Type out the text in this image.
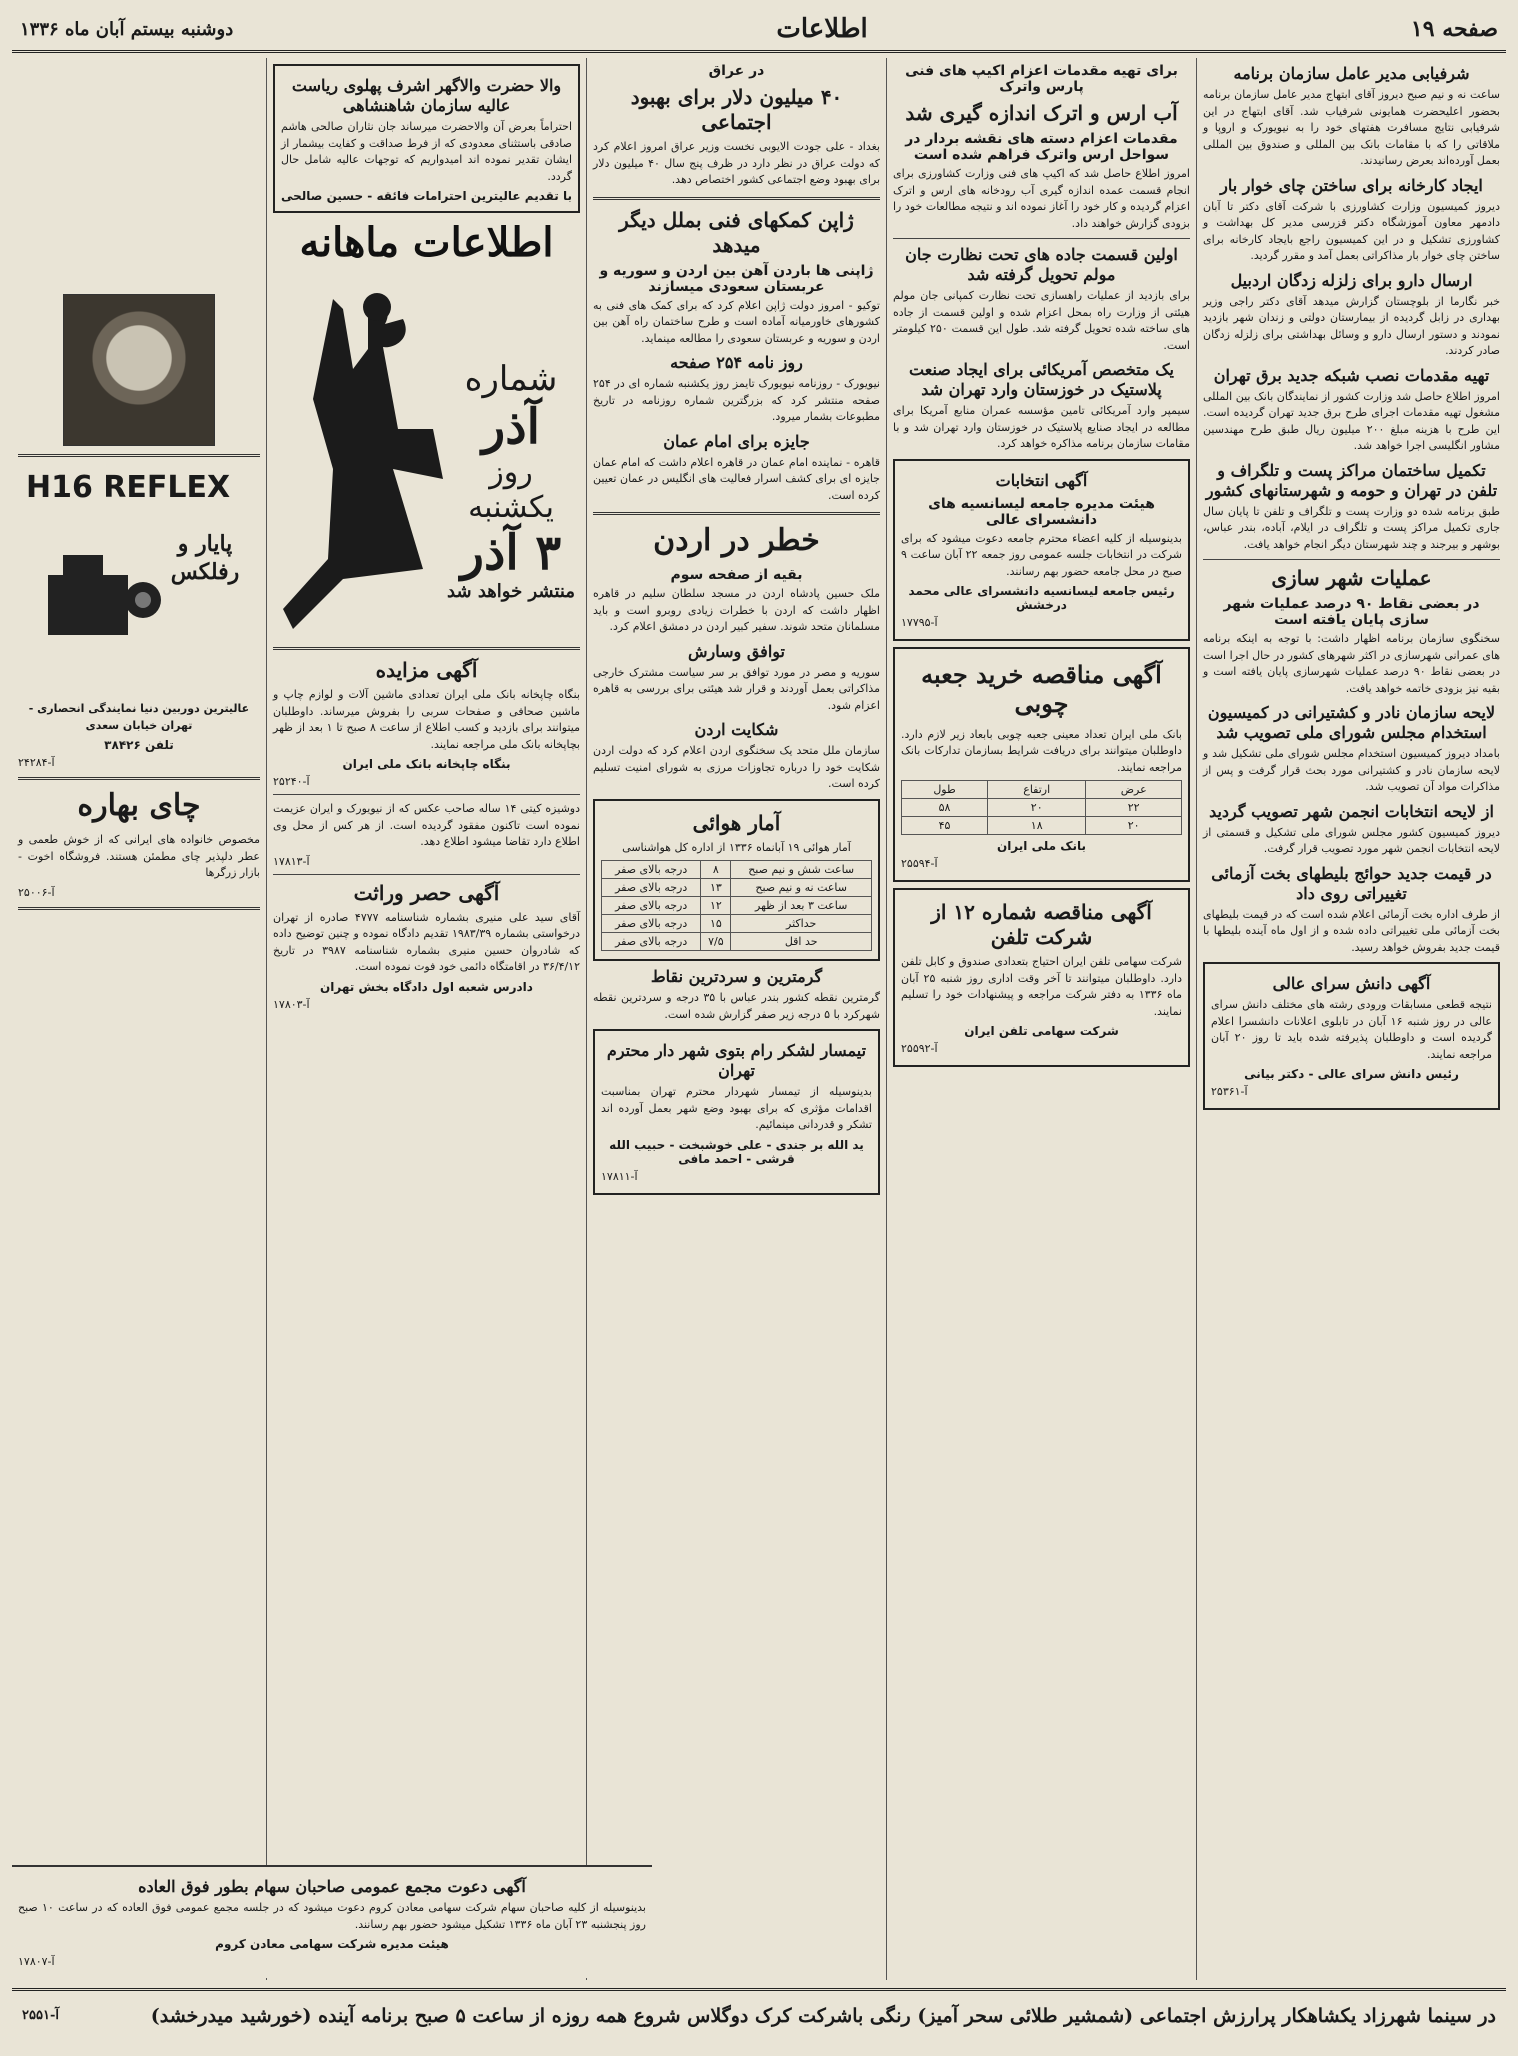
صفحه ۱۹
اطلاعات
دوشنبه بیستم آبان ماه ۱۳۳۶
شرفیابی مدیر عامل سازمان برنامه

ساعت نه و نیم صبح دیروز آقای ابتهاج مدیر عامل سازمان برنامه بحضور اعلیحضرت همایونی شرفیاب شد. آقای ابتهاج در این شرفیابی نتایج مسافرت هفتهای خود را به نیویورک و اروپا و ملاقاتی را که با مقامات بانک بین المللی و صندوق بین المللی بعمل آورده‌اند بعرض رسانیدند.

ایجاد کارخانه برای ساختن چای خوار بار

دیروز کمیسیون وزارت کشاورزی با شرکت آقای دکتر تا آبان دادمهر معاون آموزشگاه دکتر قزرسی مدیر کل بهداشت و کشاورزی تشکیل و در این کمیسیون راجع بایجاد کارخانه برای ساختن چای خوار بار مذاکراتی بعمل آمد و مقرر گردید.

ارسال دارو برای زلزله زدگان اردبیل

خبر نگارما از بلوچستان گزارش میدهد آقای دکتر راجی وزیر بهداری در زابل گردیده از بیمارستان دولتی و زندان شهر بازدید نمودند و دستور ارسال دارو و وسائل بهداشتی برای زلزله زدگان صادر کردند.

تهیه مقدمات نصب شبکه جدید برق تهران

امروز اطلاع حاصل شد وزارت کشور از نمایندگان بانک بین المللی مشغول تهیه مقدمات اجرای طرح برق جدید تهران گردیده است. این طرح با هزینه مبلغ ۲۰۰ میلیون ریال طبق طرح مهندسین مشاور انگلیسی اجرا خواهد شد.

تکمیل ساختمان مراکز پست و تلگراف و تلفن در تهران و حومه و شهرستانهای کشور

طبق برنامه شده دو وزارت پست و تلگراف و تلفن تا پایان سال جاری تکمیل مراکز پست و تلگراف در ایلام، آباده، بندر عباس، بوشهر و بیرجند و چند شهرستان دیگر انجام خواهد یافت.

عملیات شهر سازی
در بعضی نقاط ۹۰ درصد عملیات شهر سازی پایان یافته است

سخنگوی سازمان برنامه اظهار داشت: با توجه به اینکه برنامه های عمرانی شهرسازی در اکثر شهرهای کشور در حال اجرا است در بعضی نقاط ۹۰ درصد عملیات شهرسازی پایان یافته است و بقیه نیز بزودی خاتمه خواهد یافت.

لایحه سازمان نادر و کشتیرانی در کمیسیون استخدام مجلس شورای ملی تصویب شد

بامداد دیروز کمیسیون استخدام مجلس شورای ملی تشکیل شد و لایحه سازمان نادر و کشتیرانی مورد بحث قرار گرفت و پس از مذاکرات مواد آن تصویب شد.

از لایحه انتخابات انجمن شهر تصویب گردید

دیروز کمیسیون کشور مجلس شورای ملی تشکیل و قسمتی از لایحه انتخابات انجمن شهر مورد تصویب قرار گرفت.

در قیمت جدید حوائج بلیطهای بخت آزمائی تغییراتی روی داد

از طرف اداره بخت آزمائی اعلام شده است که در قیمت بلیطهای بخت آزمائی ملی تغییراتی داده شده و از اول ماه آینده بلیطها با قیمت جدید بفروش خواهد رسید.

آگهی دانش سرای عالی

نتیجه قطعی مسابقات ورودی رشته های مختلف دانش سرای عالی در روز شنبه ۱۶ آبان در تابلوی اعلانات دانشسرا اعلام گردیده است و داوطلبان پذیرفته شده باید تا روز ۲۰ آبان مراجعه نمایند.

رئیس دانش سرای عالی - دکتر بیانی
آ-۲۵۳۶۱
برای تهیه مقدمات اعزام اکیپ های فنی پارس واترک
آب ارس و اترک اندازه گیری شد
مقدمات اعزام دسته های نقشه بردار در سواحل ارس واترک فراهم شده است

امروز اطلاع حاصل شد که اکیپ های فنی وزارت کشاورزی برای انجام قسمت عمده اندازه گیری آب رودخانه های ارس و اترک اعزام گردیده و کار خود را آغاز نموده اند و نتیجه مطالعات خود را بزودی گزارش خواهند داد.

اولین قسمت جاده های تحت نظارت جان مولم تحویل گرفته شد

برای بازدید از عملیات راهسازی تحت نظارت کمپانی جان مولم هیئتی از وزارت راه بمحل اعزام شده و اولین قسمت از جاده های ساخته شده تحویل گرفته شد. طول این قسمت ۲۵۰ کیلومتر است.

یک متخصص آمریکائی برای ایجاد صنعت پلاستیک در خوزستان وارد تهران شد

سیمپر وارد آمریکائی تامین مؤسسه عمران منابع آمریکا برای مطالعه در ایجاد صنایع پلاستیک در خوزستان وارد تهران شد و با مقامات سازمان برنامه مذاکره خواهد کرد.

آگهی انتخابات
هیئت مدیره جامعه لیسانسیه های دانشسرای عالی

بدینوسیله از کلیه اعضاء محترم جامعه دعوت میشود که برای شرکت در انتخابات جلسه عمومی روز جمعه ۲۲ آبان ساعت ۹ صبح در محل جامعه حضور بهم رسانند.

رئیس جامعه لیسانسیه دانشسرای عالی محمد درخشش
آ-۱۷۷۹۵
آگهی مناقصه خرید جعبه چوبی

بانک ملی ایران تعداد معینی جعبه چوبی بابعاد زیر لازم دارد. داوطلبان میتوانند برای دریافت شرایط بسازمان تدارکات بانک مراجعه نمایند.

عرض	ارتفاع	طول
۲۲	۲۰	۵۸
۲۰	۱۸	۴۵
بانک ملی ایران
آ-۲۵۵۹۴
آگهی مناقصه شماره ۱۲ از شرکت تلفن

شرکت سهامی تلفن ایران احتیاج بتعدادی صندوق و کابل تلفن دارد. داوطلبان میتوانند تا آخر وقت اداری روز شنبه ۲۵ آبان ماه ۱۳۳۶ به دفتر شرکت مراجعه و پیشنهادات خود را تسلیم نمایند.

شرکت سهامی تلفن ایران
آ-۲۵۵۹۲
در عراق
۴۰ میلیون دلار برای بهبود اجتماعی

بغداد - علی جودت الایوبی نخست وزیر عراق امروز اعلام کرد که دولت عراق در نظر دارد در ظرف پنج سال ۴۰ میلیون دلار برای بهبود وضع اجتماعی کشور اختصاص دهد.

ژاپن کمکهای فنی بملل دیگر میدهد
ژاپنی ها باردن آهن بین اردن و سوریه و عربستان سعودی میسازند

توکیو - امروز دولت ژاپن اعلام کرد که برای کمک های فنی به کشورهای خاورمیانه آماده است و طرح ساختمان راه آهن بین اردن و سوریه و عربستان سعودی را مطالعه مینماید.

روز نامه ۲۵۴ صفحه

نیویورک - روزنامه نیویورک تایمز روز یکشنبه شماره ای در ۲۵۴ صفحه منتشر کرد که بزرگترین شماره روزنامه در تاریخ مطبوعات بشمار میرود.

جایزه برای امام عمان

قاهره - نماینده امام عمان در قاهره اعلام داشت که امام عمان جایزه ای برای کشف اسرار فعالیت های انگلیس در عمان تعیین کرده است.

خطر در اردن
بقیه از صفحه سوم

ملک حسین پادشاه اردن در مسجد سلطان سلیم در قاهره اظهار داشت که اردن با خطرات زیادی روبرو است و باید مسلمانان متحد شوند. سفیر کبیر اردن در دمشق اعلام کرد.

توافق وسارش

سوریه و مصر در مورد توافق بر سر سیاست مشترک خارجی مذاکراتی بعمل آوردند و قرار شد هیئتی برای بررسی به قاهره اعزام شود.

شکایت اردن

سازمان ملل متحد یک سخنگوی اردن اعلام کرد که دولت اردن شکایت خود را درباره تجاوزات مرزی به شورای امنیت تسلیم کرده است.

آمار هوائی
آمار هوائی ۱۹ آبانماه ۱۳۳۶ از اداره کل هواشناسی
ساعت شش و نیم صبح	۸	درجه بالای صفر
ساعت نه و نیم صبح	۱۳	درجه بالای صفر
ساعت ۳ بعد از ظهر	۱۲	درجه بالای صفر
حداکثر	۱۵	درجه بالای صفر
حد اقل	۷/۵	درجه بالای صفر
گرمترین و سردترین نقاط

گرمترین نقطه کشور بندر عباس با ۳۵ درجه و سردترین نقطه شهرکرد با ۵ درجه زیر صفر گزارش شده است.

تیمسار لشکر رام بتوی شهر دار محترم تهران

بدینوسیله از تیمسار شهردار محترم تهران بمناسبت اقدامات مؤثری که برای بهبود وضع شهر بعمل آورده اند تشکر و قدردانی مینمائیم.

ید الله بر جندی - علی خوشبخت - حبیب الله قرشی - احمد مافی
آ-۱۷۸۱۱
والا حضرت والاگهر اشرف پهلوی ریاست عالیه سازمان شاهنشاهی

احتراماً بعرض آن والاحضرت میرساند جان نثاران صالحی هاشم صادقی باستثنای معدودی که از فرط صداقت و کفایت بیشمار از ایشان تقدیر نموده اند امیدواریم که توجهات عالیه شامل حال گردد.

با تقدیم عالیترین احترامات فائقه - حسین صالحی
اطلاعات ماهانه
شماره
آذر
روز یکشنبه
۳ آذر
منتشر خواهد شد
آگهی مزایده

بنگاه چاپخانه بانک ملی ایران تعدادی ماشین آلات و لوازم چاپ و ماشین صحافی و صفحات سربی را بفروش میرساند. داوطلبان میتوانند برای بازدید و کسب اطلاع از ساعت ۸ صبح تا ۱ بعد از ظهر بچاپخانه بانک ملی مراجعه نمایند.

بنگاه چاپخانه بانک ملی ایران
آ-۲۵۲۴۰

دوشیزه کیتی ۱۴ ساله صاحب عکس که از نیویورک و ایران عزیمت نموده است تاکنون مفقود گردیده است. از هر کس از محل وی اطلاع دارد تقاضا میشود اطلاع دهد.

آ-۱۷۸۱۳
آگهی حصر وراثت

آقای سید علی منیری بشماره شناسنامه ۴۷۷۷ صادره از تهران درخواستی بشماره ۱۹۸۳/۳۹ تقدیم دادگاه نموده و چنین توضیح داده که شادروان حسین منیری بشماره شناسنامه ۳۹۸۷ در تاریخ ۳۶/۴/۱۲ در اقامتگاه دائمی خود فوت نموده است.

دادرس شعبه اول دادگاه بخش تهران
آ-۱۷۸۰۳
H16 REFLEX
پایار و رفلکس

عالیترین دوربین دنیا نمایندگی انحصاری - تهران خیابان سعدی

تلفن ۳۸۴۲۶
آ-۲۴۲۸۴
چای بهاره

مخصوص خانواده های ایرانی که از خوش طعمی و عطر دلپذیر چای مطمئن هستند. فروشگاه اخوت - بازار زرگرها

آ-۲۵۰۰۶
آگهی دعوت مجمع عمومی صاحبان سهام بطور فوق العاده

بدینوسیله از کلیه صاحبان سهام شرکت سهامی معادن کروم دعوت میشود که در جلسه مجمع عمومی فوق العاده که در ساعت ۱۰ صبح روز پنجشنبه ۲۳ آبان ماه ۱۳۳۶ تشکیل میشود حضور بهم رسانند.

هیئت مدیره شرکت سهامی معادن کروم
آ-۱۷۸۰۷
در سینما شهرزاد یکشاهکار پرارزش اجتماعی (شمشیر طلائی سحر آمیز) رنگی باشرکت کرک دوگلاس شروع همه روزه از ساعت ۵ صبح برنامه آینده (خورشید میدرخشد)
آ-۲۵۵۱
